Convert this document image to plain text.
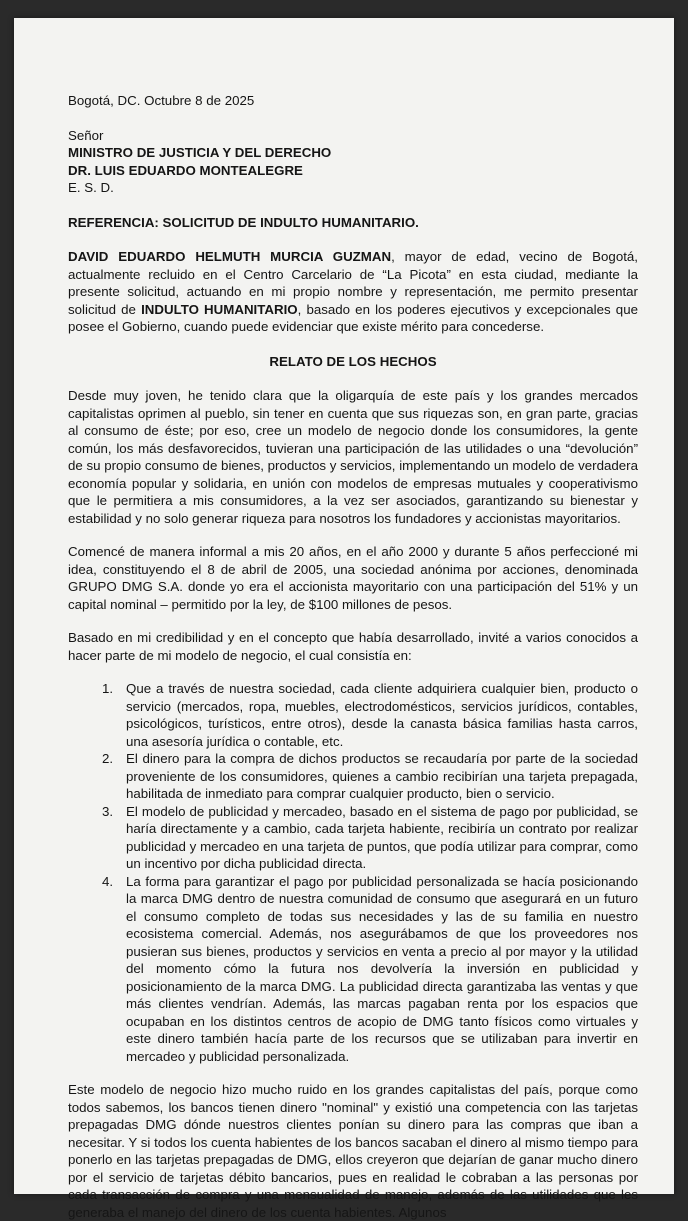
Bogotá, DC. Octubre 8 de 2025

Señor
MINISTRO DE JUSTICIA Y DEL DERECHO
DR. LUIS EDUARDO MONTEALEGRE
E. S. D.

REFERENCIA: SOLICITUD DE INDULTO HUMANITARIO.

DAVID EDUARDO HELMUTH MURCIA GUZMAN, mayor de edad, vecino de Bogotá, actualmente recluido en el Centro Carcelario de “La Picota” en esta ciudad, mediante la presente solicitud, actuando en mi propio nombre y representación, me permito presentar solicitud de INDULTO HUMANITARIO, basado en los poderes ejecutivos y excepcionales que posee el Gobierno, cuando puede evidenciar que existe mérito para concederse.

RELATO DE LOS HECHOS

Desde muy joven, he tenido clara que la oligarquía de este país y los grandes mercados capitalistas oprimen al pueblo, sin tener en cuenta que sus riquezas son, en gran parte, gracias al consumo de éste; por eso, cree un modelo de negocio donde los consumidores, la gente común, los más desfavorecidos, tuvieran una participación de las utilidades o una “devolución” de su propio consumo de bienes, productos y servicios, implementando un modelo de verdadera economía popular y solidaria, en unión con modelos de empresas mutuales y cooperativismo que le permitiera a mis consumidores, a la vez ser asociados, garantizando su bienestar y estabilidad y no solo generar riqueza para nosotros los fundadores y accionistas mayoritarios.

Comencé de manera informal a mis 20 años, en el año 2000 y durante 5 años perfeccioné mi idea, constituyendo el 8 de abril de 2005, una sociedad anónima por acciones, denominada GRUPO DMG S.A. donde yo era el accionista mayoritario con una participación del 51% y un capital nominal – permitido por la ley, de $100 millones de pesos.

Basado en mi credibilidad y en el concepto que había desarrollado, invité a varios conocidos a hacer parte de mi modelo de negocio, el cual consistía en:

1. Que a través de nuestra sociedad, cada cliente adquiriera cualquier bien, producto o servicio (mercados, ropa, muebles, electrodomésticos, servicios jurídicos, contables, psicológicos, turísticos, entre otros), desde la canasta básica familias hasta carros, una asesoría jurídica o contable, etc.
2. El dinero para la compra de dichos productos se recaudaría por parte de la sociedad proveniente de los consumidores, quienes a cambio recibirían una tarjeta prepagada, habilitada de inmediato para comprar cualquier producto, bien o servicio.
3. El modelo de publicidad y mercadeo, basado en el sistema de pago por publicidad, se haría directamente y a cambio, cada tarjeta habiente, recibiría un contrato por realizar publicidad y mercadeo en una tarjeta de puntos, que podía utilizar para comprar, como un incentivo por dicha publicidad directa.
4. La forma para garantizar el pago por publicidad personalizada se hacía posicionando la marca DMG dentro de nuestra comunidad de consumo que asegurará en un futuro el consumo completo de todas sus necesidades y las de su familia en nuestro ecosistema comercial. Además, nos asegurábamos de que los proveedores nos pusieran sus bienes, productos y servicios en venta a precio al por mayor y la utilidad del momento cómo la futura nos devolvería la inversión en publicidad y posicionamiento de la marca DMG. La publicidad directa garantizaba las ventas y que más clientes vendrían. Además, las marcas pagaban renta por los espacios que ocupaban en los distintos centros de acopio de DMG tanto físicos como virtuales y este dinero también hacía parte de los recursos que se utilizaban para invertir en mercadeo y publicidad personalizada.

Este modelo de negocio hizo mucho ruido en los grandes capitalistas del país, porque como todos sabemos, los bancos tienen dinero "nominal" y existió una competencia con las tarjetas prepagadas DMG dónde nuestros clientes ponían su dinero para las compras que iban a necesitar. Y si todos los cuenta habientes de los bancos sacaban el dinero al mismo tiempo para ponerlo en las tarjetas prepagadas de DMG, ellos creyeron que dejarían de ganar mucho dinero por el servicio de tarjetas débito bancarios, pues en realidad le cobraban a las personas por cada transacción de compra y una mensualidad de manejo, además de las utilidades que les generaba el manejo del dinero de los cuenta habientes. Algunos
